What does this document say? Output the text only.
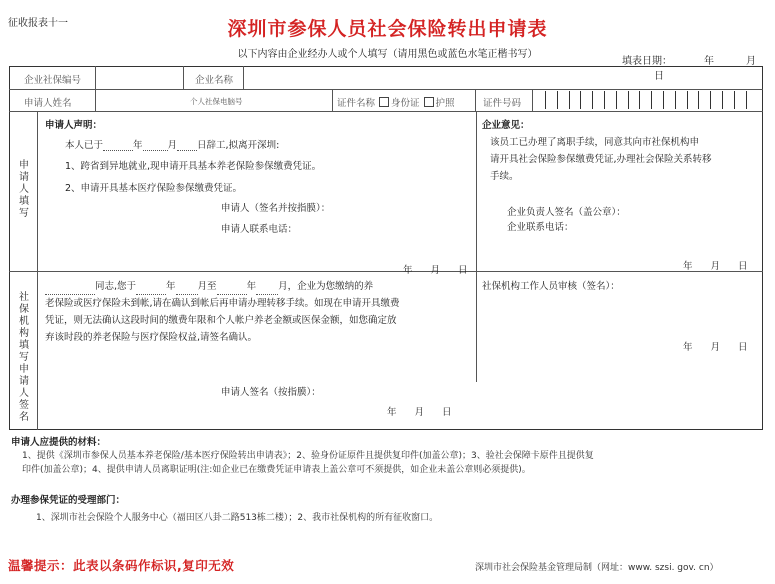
征收报表十一	深圳市参保人员社会保险转出申请表
以下内容由企业经办人或个人填写（请用黑色或蓝色水笔正楷书写）
填表日期：	年	月日
企业社保编号	企业名称
申请人姓名	个人社保电脑号	证件名称 身份证 护照	证件号码
申请人填写
申请人声明：
本人已于	年	月 日辞工,拟离开深圳:
1、跨省到异地就业,现申请开具基本养老保险参保缴费凭证。
2、申请开具基本医疗保险参保缴费凭证。
申请人（签名并按指膜）：
申请人联系电话：
年 月 日
企业意见：
该员工已办理了离职手续，同意其向市社保机构申
请开具社会保险参保缴费凭证,办理社会保险关系转移
手续。
企业负责人签名（盖公章）：
企业联系电话：
年 月 日
社保机构填写申请人签名
同志,您于	年 月至	年 月，企业为您缴纳的养
老保险或医疗保险未到帐,请在确认到帐后再申请办理转移手续。如现在申请开具缴费
凭证，则无法确认这段时间的缴费年限和个人帐户养老金额或医保金额，如您确定放
弃该时段的养老保险与医疗保险权益,请签名确认。
申请人签名（按指膜）：
年 月 日
社保机构工作人员审核（签名）：
年 月 日
申请人应提供的材料：
1、提供《深圳市参保人员基本养老保险/基本医疗保险转出申请表》；2、验身份证原件且提供复印件(加盖公章)；3、验社会保障卡原件且提供复
印件(加盖公章)；4、提供申请人员离职证明(注:如企业已在缴费凭证申请表上盖公章可不须提供，如企业未盖公章则必须提供)。
办理参保凭证的受理部门：
1、深圳市社会保险个人服务中心（福田区八卦二路513栋二楼）；2、我市社保机构的所有征收窗口。
温馨提示：此表以条码作标识,复印无效	深圳市社会保险基金管理局制（网址：www. szsi. gov. cn）
